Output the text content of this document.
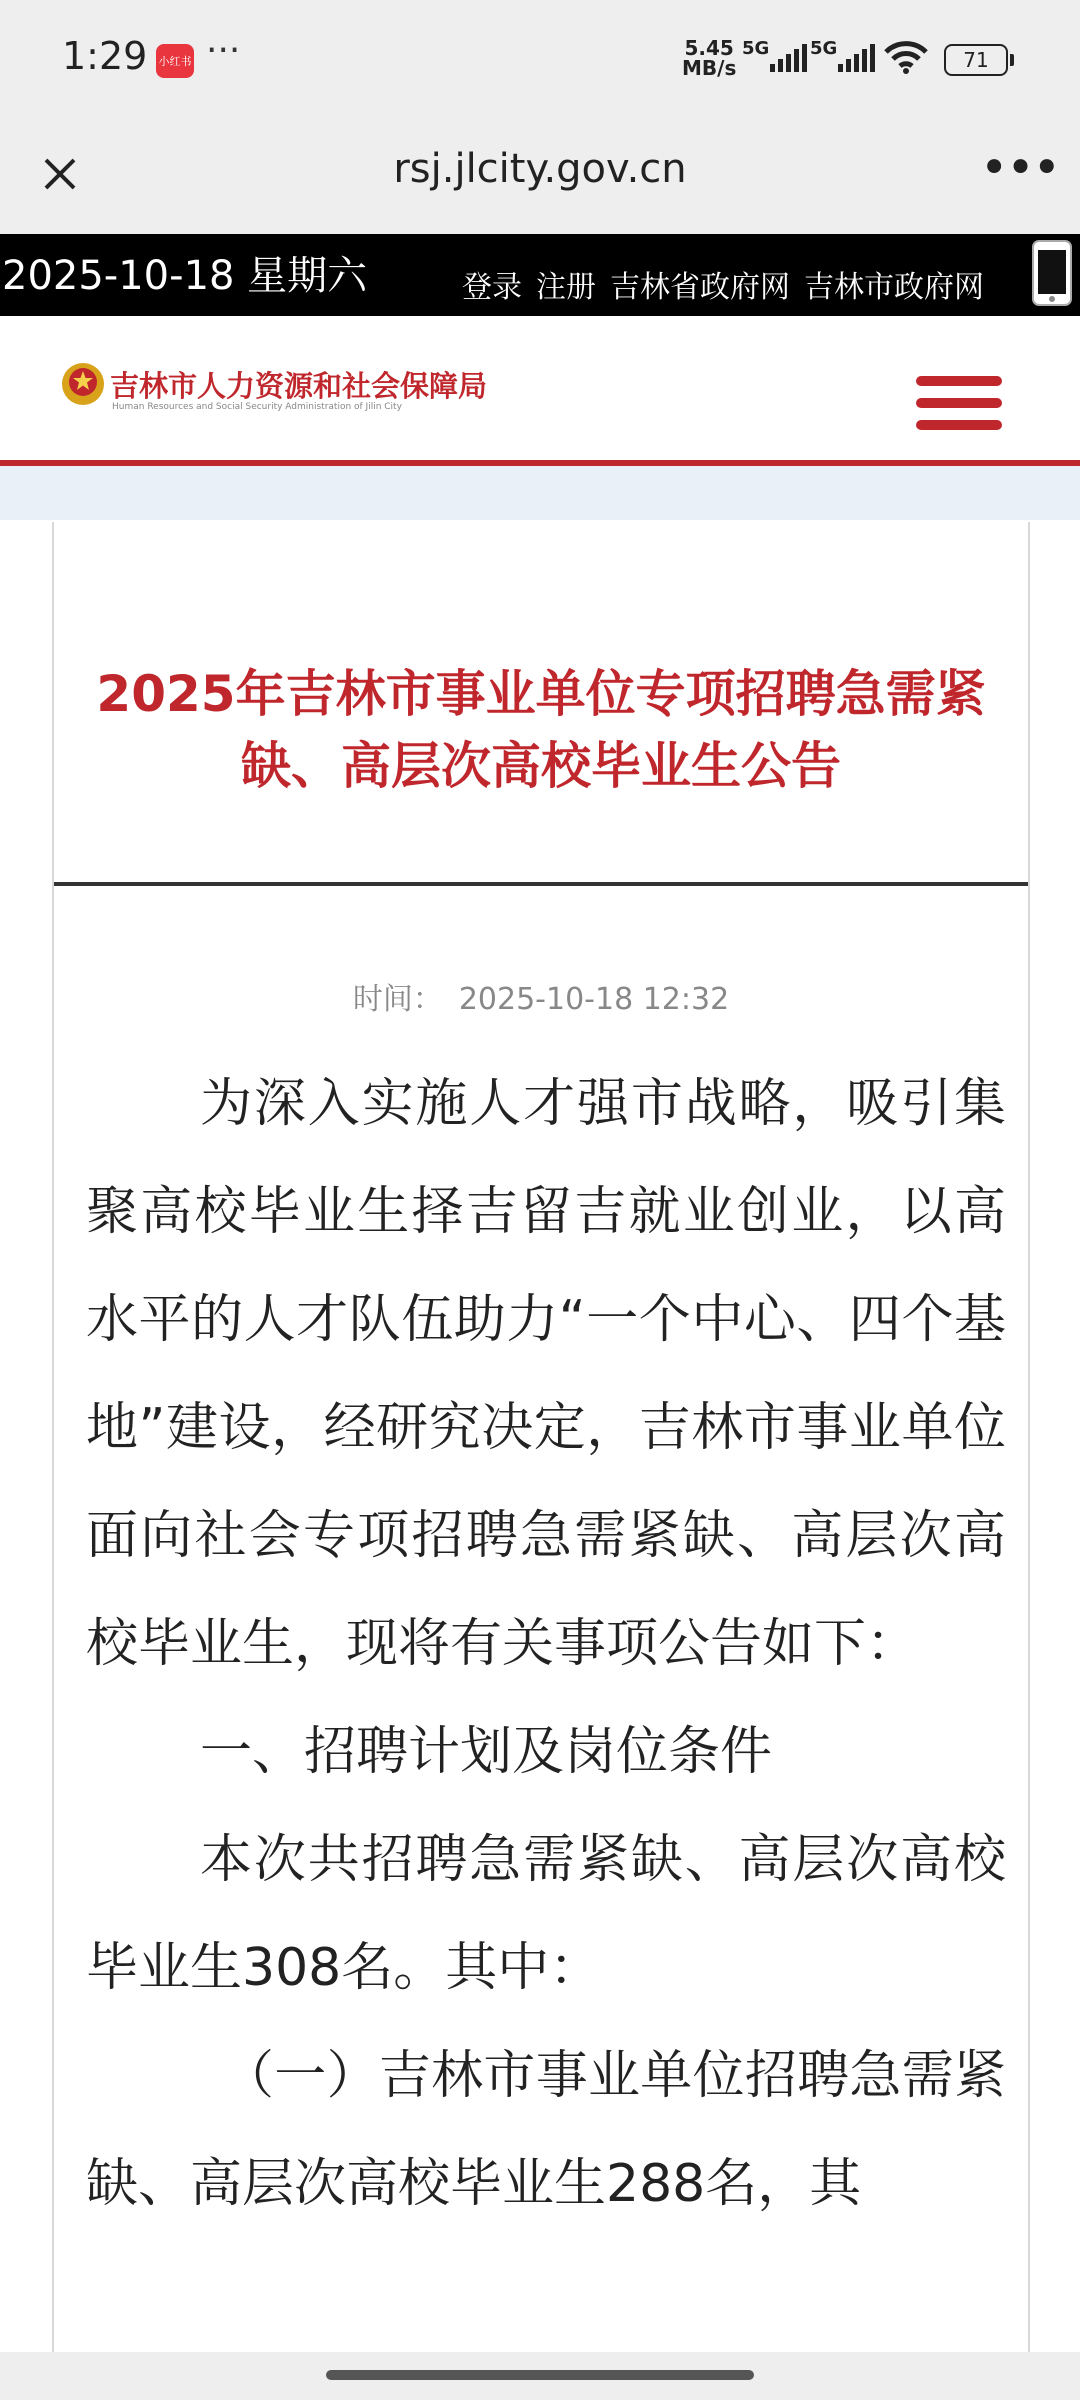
1:29 小红书 ···	5.45
MB/s
5G 5G	71
rsj.jlcity.gov.cn	•••
2025-10-18 星期六	登录 注册 吉林省政府网 吉林市政府网
吉林市人力资源和社会保障局
Human Resources and Social Security Administration of Jilin City
2025年吉林市事业单位专项招聘急需紧缺、高层次高校毕业生公告
时间： 2025-10-18 12:32

为深入实施人才强市战略，吸引集聚高校毕业生择吉留吉就业创业，以高水平的人才队伍助力“一个中心、四个基地”建设，经研究决定，吉林市事业单位面向社会专项招聘急需紧缺、高层次高校毕业生，现将有关事项公告如下：

一、招聘计划及岗位条件

本次共招聘急需紧缺、高层次高校毕业生308名。其中：

（一）吉林市事业单位招聘急需紧缺、高层次高校毕业生288名，其
